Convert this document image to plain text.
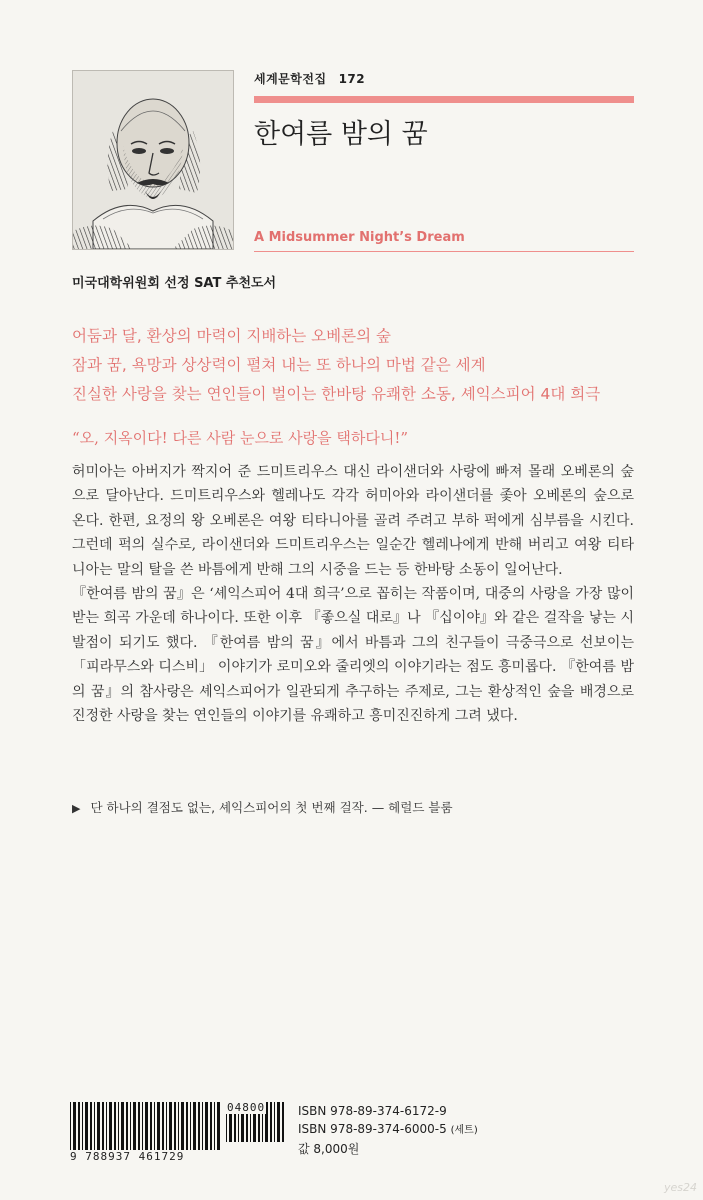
세계문학전집 172
한여름 밤의 꿈
A Midsummer Night’s Dream
미국대학위원회 선정 SAT 추천도서
어둠과 달, 환상의 마력이 지배하는 오베론의 숲
잠과 꿈, 욕망과 상상력이 펼쳐 내는 또 하나의 마법 같은 세계
진실한 사랑을 찾는 연인들이 벌이는 한바탕 유쾌한 소동, 셰익스피어 4대 희극
“오, 지옥이다! 다른 사람 눈으로 사랑을 택하다니!”
허미아는 아버지가 짝지어 준 드미트리우스 대신 라이샌더와 사랑에 빠져 몰래 오베론의 숲으로 달아난다. 드미트리우스와 헬레나도 각각 허미아와 라이샌더를 좇아 오베론의 숲으로 온다. 한편, 요정의 왕 오베론은 여왕 티타니아를 골려 주려고 부하 퍽에게 심부름을 시킨다. 그런데 퍽의 실수로, 라이샌더와 드미트리우스는 일순간 헬레나에게 반해 버리고 여왕 티타니아는 말의 탈을 쓴 바틈에게 반해 그의 시중을 드는 등 한바탕 소동이 일어난다.
『한여름 밤의 꿈』은 ‘셰익스피어 4대 희극’으로 꼽히는 작품이며, 대중의 사랑을 가장 많이 받는 희곡 가운데 하나이다. 또한 이후 『좋으실 대로』나 『십이야』와 같은 걸작을 낳는 시발점이 되기도 했다. 『한여름 밤의 꿈』에서 바틈과 그의 친구들이 극중극으로 선보이는 「피라무스와 디스비」 이야기가 로미오와 줄리엣의 이야기라는 점도 흥미롭다. 『한여름 밤의 꿈』의 참사랑은 셰익스피어가 일관되게 추구하는 주제로, 그는 환상적인 숲을 배경으로 진정한 사랑을 찾는 연인들의 이야기를 유쾌하고 흥미진진하게 그려 냈다.
▶ 단 하나의 결점도 없는, 셰익스피어의 첫 번째 걸작. — 헤럴드 블룸
9 788937 461729
04800	ISBN 978-89-374-6172-9
ISBN 978-89-374-6000-5 (세트)
값 8,000원
yes24
